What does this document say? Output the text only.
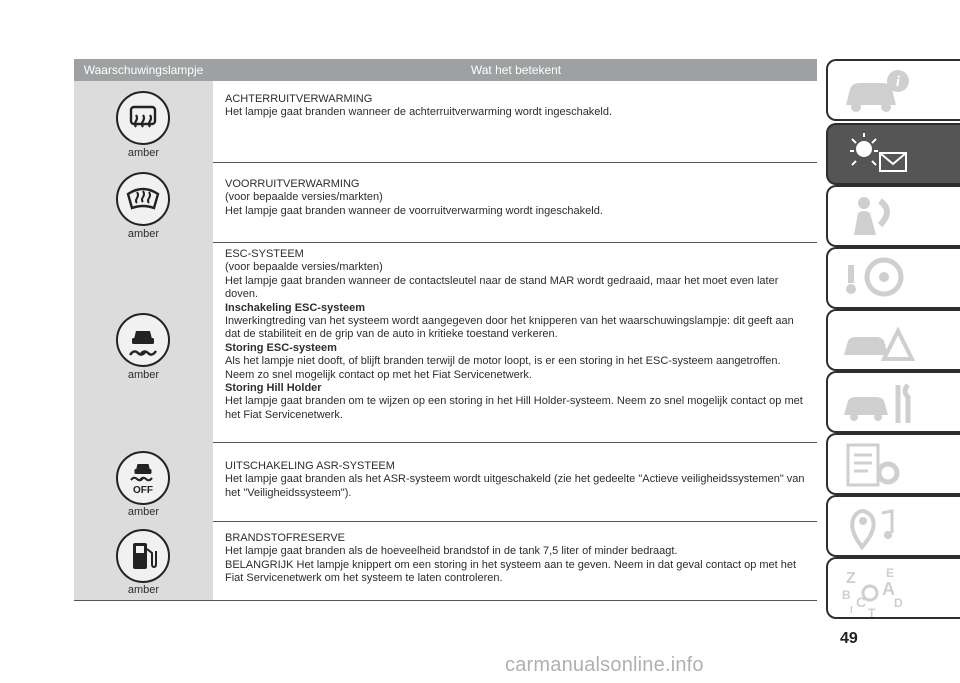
Waarschuwingslampje	Wat het betekent
amber
ACHTERRUITVERWARMING
Het lampje gaat branden wanneer de achterruitverwarming wordt ingeschakeld.
amber
VOORRUITVERWARMING
(voor bepaalde versies/markten)
Het lampje gaat branden wanneer de voorruitverwarming wordt ingeschakeld.
amber
ESC-SYSTEEM
(voor bepaalde versies/markten)
Het lampje gaat branden wanneer de contactsleutel naar de stand MAR wordt gedraaid, maar het moet even later doven.
Inschakeling ESC-systeem
Inwerkingtreding van het systeem wordt aangegeven door het knipperen van het waarschuwingslampje: dit geeft aan dat de stabiliteit en de grip van de auto in kritieke toestand verkeren.
Storing ESC-systeem
Als het lampje niet dooft, of blijft branden terwijl de motor loopt, is er een storing in het ESC-systeem aangetroffen. Neem zo snel mogelijk contact op met het Fiat Servicenetwerk.
Storing Hill Holder
Het lampje gaat branden om te wijzen op een storing in het Hill Holder-systeem. Neem zo snel mogelijk contact op met het Fiat Servicenetwerk.
OFF
amber
UITSCHAKELING ASR-SYSTEEM
Het lampje gaat branden als het ASR-systeem wordt uitgeschakeld (zie het gedeelte "Actieve veiligheidssystemen" van het "Veiligheidssysteem").
amber
BRANDSTOFRESERVE
Het lampje gaat branden als de hoeveelheid brandstof in de tank 7,5 liter of minder bedraagt.
BELANGRIJK Het lampje knippert om een storing in het systeem aan te geven. Neem in dat geval contact op met het Fiat Servicenetwerk om het systeem te laten controleren.
i
Z	E
A
B C
T
D
I
49
carmanualsonline.info
